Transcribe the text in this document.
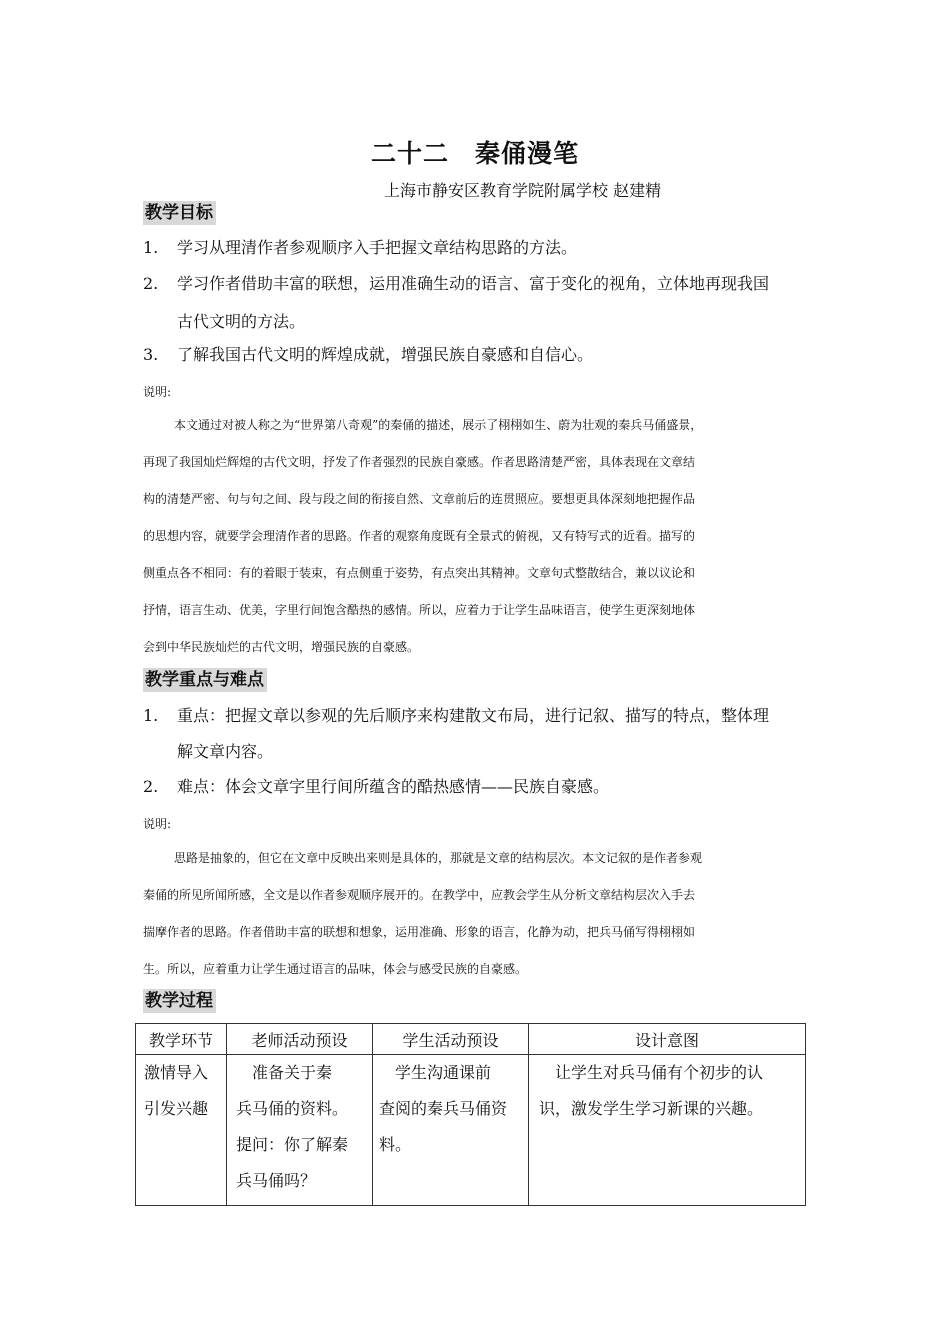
二十二　秦俑漫笔
上海市静安区教育学院附属学校 赵建精
教学目标
1. 学习从理清作者参观顺序入手把握文章结构思路的方法。
2. 学习作者借助丰富的联想，运用准确生动的语言、富于变化的视角，立体地再现我国
古代文明的方法。
3. 了解我国古代文明的辉煌成就，增强民族自豪感和自信心。
说明:
本文通过对被人称之为“世界第八奇观”的秦俑的描述，展示了栩栩如生、蔚为壮观的秦兵马俑盛景，
再现了我国灿烂辉煌的古代文明，抒发了作者强烈的民族自豪感。作者思路清楚严密，具体表现在文章结
构的清楚严密、句与句之间、段与段之间的衔接自然、文章前后的连贯照应。要想更具体深刻地把握作品
的思想内容，就要学会理清作者的思路。作者的观察角度既有全景式的俯视，又有特写式的近看。描写的
侧重点各不相同：有的着眼于装束，有点侧重于姿势，有点突出其精神。文章句式整散结合，兼以议论和
抒情，语言生动、优美，字里行间饱含酷热的感情。所以，应着力于让学生品味语言，使学生更深刻地体
会到中华民族灿烂的古代文明，增强民族的自豪感。
教学重点与难点
1. 重点：把握文章以参观的先后顺序来构建散文布局，进行记叙、描写的特点，整体理
解文章内容。
2. 难点：体会文章字里行间所蕴含的酷热感情——民族自豪感。
说明:
思路是抽象的，但它在文章中反映出来则是具体的，那就是文章的结构层次。本文记叙的是作者参观
秦俑的所见所闻所感，全文是以作者参观顺序展开的。在教学中，应教会学生从分析文章结构层次入手去
揣摩作者的思路。作者借助丰富的联想和想象，运用准确、形象的语言，化静为动，把兵马俑写得栩栩如
生。所以，应着重力让学生通过语言的品味，体会与感受民族的自豪感。
教学过程
教学环节	老师活动预设	学生活动预设	设计意图

激情导入
引发兴趣	　准备关于秦
兵马俑的资料。
提问：你了解秦
兵马俑吗？	　学生沟通课前
查阅的秦兵马俑资
料。	　让学生对兵马俑有个初步的认
识，激发学生学习新课的兴趣。
